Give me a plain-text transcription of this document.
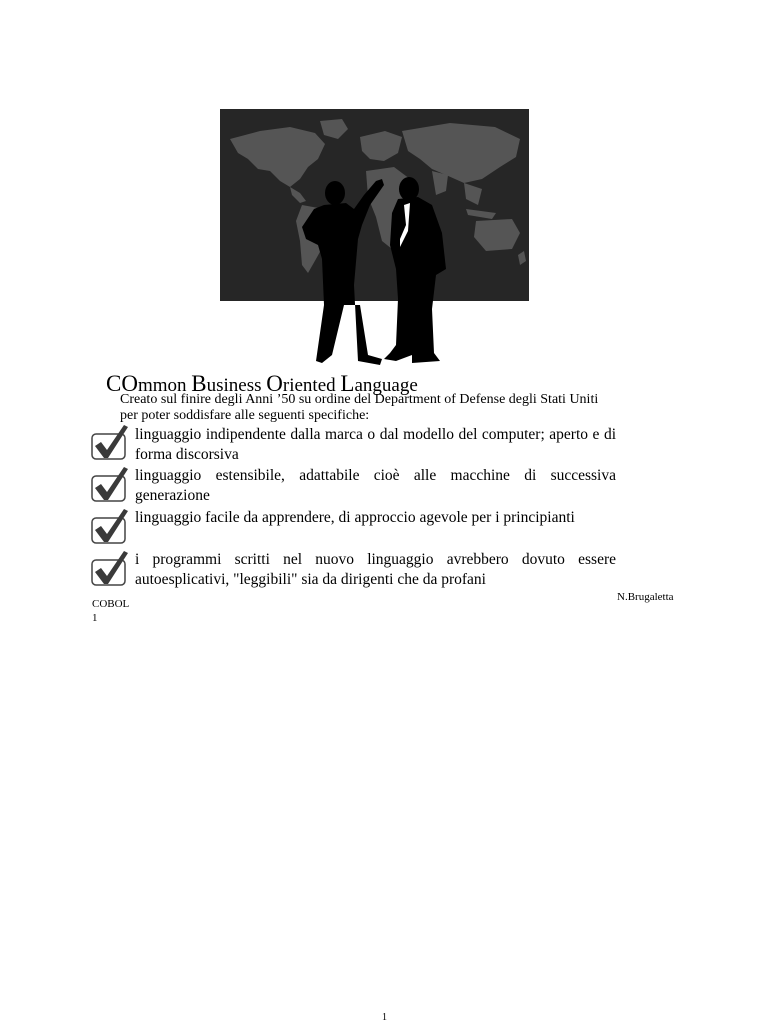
COmmon Business Oriented Language
Creato sul finire degli Anni ’50 su ordine del Department of Defense degli Stati Uniti
per poter soddisfare alle seguenti specifiche:
linguaggio indipendente dalla marca o dal modello del computer; aperto e di forma discorsiva
linguaggio estensibile, adattabile cioè alle macchine di successiva generazione
linguaggio facile da apprendere, di approccio agevole per i principianti
i programmi scritti nel nuovo linguaggio avrebbero dovuto essere autoesplicativi, "leggibili" sia da dirigenti che da profani
COBOL
1
N.Brugaletta
1
